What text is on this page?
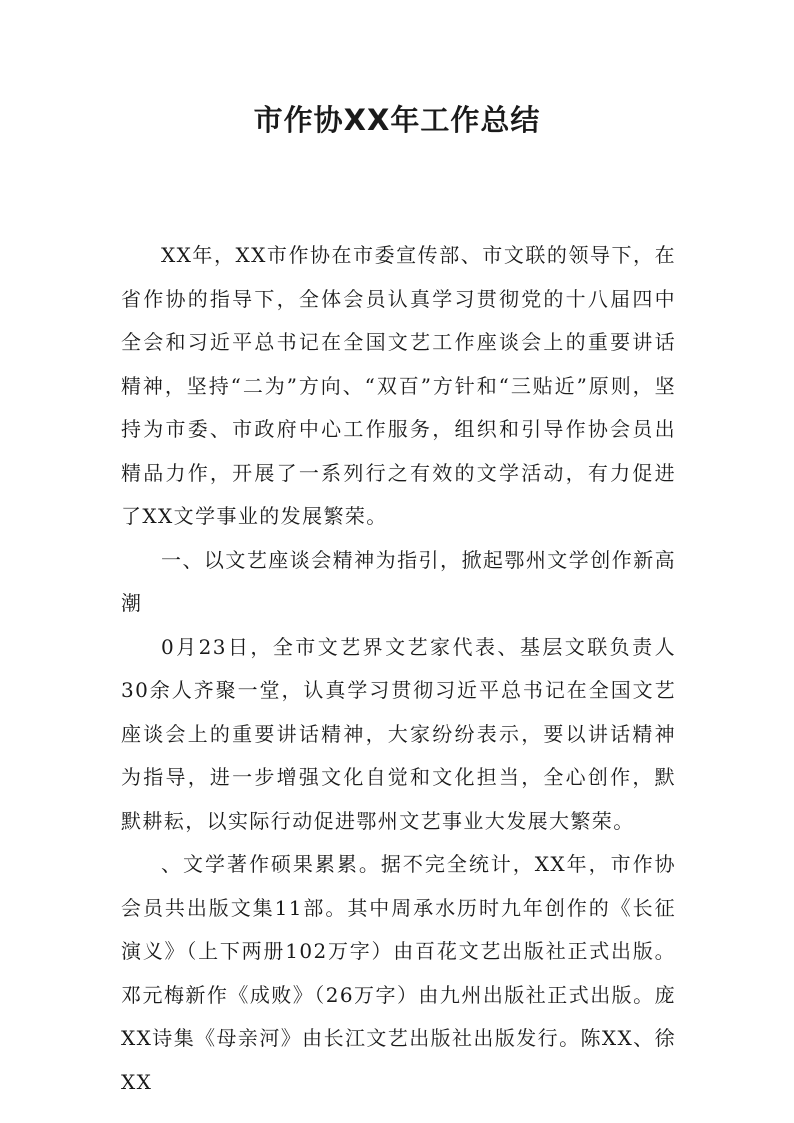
市作协XX年工作总结

XX年，XX市作协在市委宣传部、市文联的领导下，在省作协的指导下，全体会员认真学习贯彻党的十八届四中全会和习近平总书记在全国文艺工作座谈会上的重要讲话精神，坚持“二为”方向、“双百”方针和“三贴近”原则，坚持为市委、市政府中心工作服务，组织和引导作协会员出精品力作，开展了一系列行之有效的文学活动，有力促进了XX文学事业的发展繁荣。

一、以文艺座谈会精神为指引，掀起鄂州文学创作新高潮

0月23日，全市文艺界文艺家代表、基层文联负责人30余人齐聚一堂，认真学习贯彻习近平总书记在全国文艺座谈会上的重要讲话精神，大家纷纷表示，要以讲话精神为指导，进一步增强文化自觉和文化担当，全心创作，默默耕耘，以实际行动促进鄂州文艺事业大发展大繁荣。

、文学著作硕果累累。据不完全统计，XX年，市作协会员共出版文集11部。其中周承水历时九年创作的《长征演义》（上下两册102万字）由百花文艺出版社正式出版。邓元梅新作《成败》（26万字）由九州出版社正式出版。庞XX诗集《母亲河》由长江文艺出版社出版发行。陈XX、徐XX
